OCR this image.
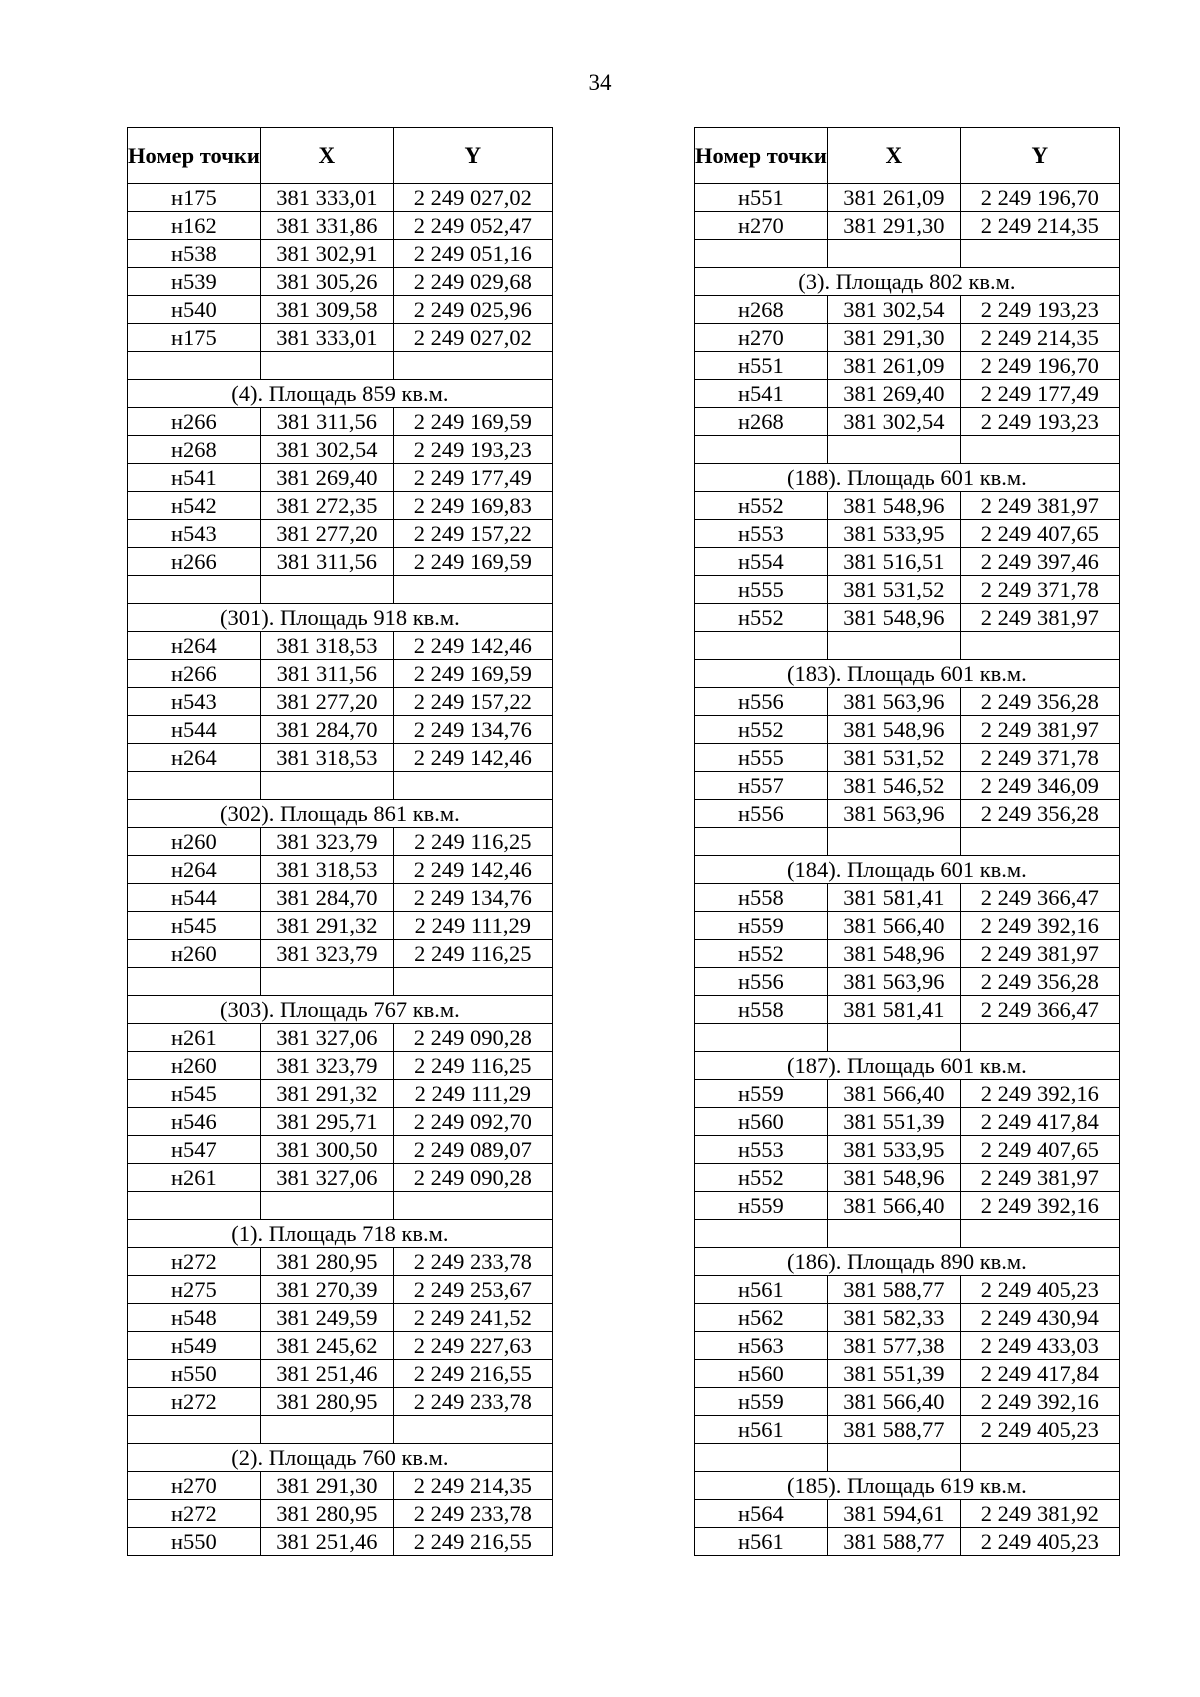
34
Номер точки	X	Y
н175	381 333,01	2 249 027,02
н162	381 331,86	2 249 052,47
н538	381 302,91	2 249 051,16
н539	381 305,26	2 249 029,68
н540	381 309,58	2 249 025,96
н175	381 333,01	2 249 027,02

(4). Площадь 859 кв.м.		
н266	381 311,56	2 249 169,59
н268	381 302,54	2 249 193,23
н541	381 269,40	2 249 177,49
н542	381 272,35	2 249 169,83
н543	381 277,20	2 249 157,22
н266	381 311,56	2 249 169,59

(301). Площадь 918 кв.м.		
н264	381 318,53	2 249 142,46
н266	381 311,56	2 249 169,59
н543	381 277,20	2 249 157,22
н544	381 284,70	2 249 134,76
н264	381 318,53	2 249 142,46

(302). Площадь 861 кв.м.		
н260	381 323,79	2 249 116,25
н264	381 318,53	2 249 142,46
н544	381 284,70	2 249 134,76
н545	381 291,32	2 249 111,29
н260	381 323,79	2 249 116,25

(303). Площадь 767 кв.м.		
н261	381 327,06	2 249 090,28
н260	381 323,79	2 249 116,25
н545	381 291,32	2 249 111,29
н546	381 295,71	2 249 092,70
н547	381 300,50	2 249 089,07
н261	381 327,06	2 249 090,28

(1). Площадь 718 кв.м.		
н272	381 280,95	2 249 233,78
н275	381 270,39	2 249 253,67
н548	381 249,59	2 249 241,52
н549	381 245,62	2 249 227,63
н550	381 251,46	2 249 216,55
н272	381 280,95	2 249 233,78

(2). Площадь 760 кв.м.		
н270	381 291,30	2 249 214,35
н272	381 280,95	2 249 233,78
н550	381 251,46	2 249 216,55
Номер точки	X	Y
н551	381 261,09	2 249 196,70
н270	381 291,30	2 249 214,35

(3). Площадь 802 кв.м.		
н268	381 302,54	2 249 193,23
н270	381 291,30	2 249 214,35
н551	381 261,09	2 249 196,70
н541	381 269,40	2 249 177,49
н268	381 302,54	2 249 193,23

(188). Площадь 601 кв.м.		
н552	381 548,96	2 249 381,97
н553	381 533,95	2 249 407,65
н554	381 516,51	2 249 397,46
н555	381 531,52	2 249 371,78
н552	381 548,96	2 249 381,97

(183). Площадь 601 кв.м.		
н556	381 563,96	2 249 356,28
н552	381 548,96	2 249 381,97
н555	381 531,52	2 249 371,78
н557	381 546,52	2 249 346,09
н556	381 563,96	2 249 356,28

(184). Площадь 601 кв.м.		
н558	381 581,41	2 249 366,47
н559	381 566,40	2 249 392,16
н552	381 548,96	2 249 381,97
н556	381 563,96	2 249 356,28
н558	381 581,41	2 249 366,47

(187). Площадь 601 кв.м.		
н559	381 566,40	2 249 392,16
н560	381 551,39	2 249 417,84
н553	381 533,95	2 249 407,65
н552	381 548,96	2 249 381,97
н559	381 566,40	2 249 392,16

(186). Площадь 890 кв.м.		
н561	381 588,77	2 249 405,23
н562	381 582,33	2 249 430,94
н563	381 577,38	2 249 433,03
н560	381 551,39	2 249 417,84
н559	381 566,40	2 249 392,16
н561	381 588,77	2 249 405,23

(185). Площадь 619 кв.м.		
н564	381 594,61	2 249 381,92
н561	381 588,77	2 249 405,23
